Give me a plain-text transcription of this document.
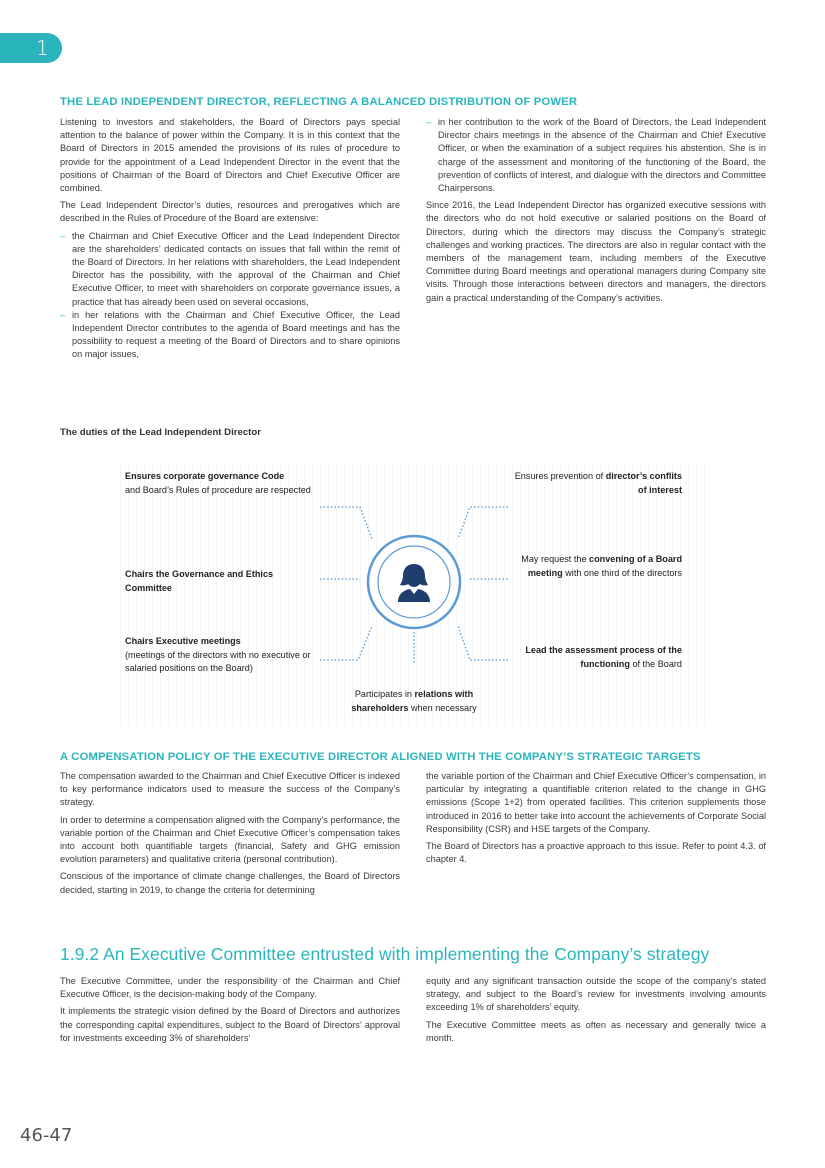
1
THE LEAD INDEPENDENT DIRECTOR, REFLECTING A BALANCED DISTRIBUTION OF POWER

Listening to investors and stakeholders, the Board of Directors pays special attention to the balance of power within the Company. It is in this context that the Board of Directors in 2015 amended the provisions of its rules of procedure to provide for the appointment of a Lead Independent Director in the event that the positions of Chairman of the Board of Directors and Chief Executive Officer are combined.

The Lead Independent Director’s duties, resources and prerogatives which are described in the Rules of Procedure of the Board are extensive:

– the Chairman and Chief Executive Officer and the Lead Independent Director are the shareholders’ dedicated contacts on issues that fall within the remit of the Board of Directors. In her relations with shareholders, the Lead Independent Director has the possibility, with the approval of the Chairman and Chief Executive Officer, to meet with shareholders on corporate governance issues, a practice that has already been used on several occasions,
– in her relations with the Chairman and Chief Executive Officer, the Lead Independent Director contributes to the agenda of Board meetings and has the possibility to request a meeting of the Board of Directors and to share opinions on major issues,
– in her contribution to the work of the Board of Directors, the Lead Independent Director chairs meetings in the absence of the Chairman and Chief Executive Officer, or when the examination of a subject requires his abstention. She is in charge of the assessment and monitoring of the functioning of the Board, the prevention of conflicts of interest, and dialogue with the directors and Committee Chairpersons.

Since 2016, the Lead Independent Director has organized executive sessions with the directors who do not hold executive or salaried positions on the Board of Directors, during which the directors may discuss the Company’s strategic challenges and working practices. The directors are also in regular contact with the members of the management team, including members of the Executive Committee during Board meetings and operational managers during Company site visits. Through those interactions between directors and managers, the directors gain a practical understanding of the Company’s activities.

The duties of the Lead Independent Director
Ensures corporate governance Code
and Board’s Rules of procedure are respected
Chairs the Governance and Ethics Committee
Chairs Executive meetings
(meetings of the directors with no executive or salaried positions on the Board)
Ensures prevention of director’s conflits of interest
May request the convening of a Board meeting with one third of the directors
Lead the assessment process of the functioning of the Board
Participates in relations with shareholders when necessary
A COMPENSATION POLICY OF THE EXECUTIVE DIRECTOR ALIGNED WITH THE COMPANY’S STRATEGIC TARGETS

The compensation awarded to the Chairman and Chief Executive Officer is indexed to key performance indicators used to measure the success of the Company’s strategy.

In order to determine a compensation aligned with the Company’s performance, the variable portion of the Chairman and Chief Executive Officer’s compensation takes into account both quantifiable targets (financial, Safety and GHG emission evolution parameters) and qualitative criteria (personal contribution).

Conscious of the importance of climate change challenges, the Board of Directors decided, starting in 2019, to change the criteria for determining

the variable portion of the Chairman and Chief Executive Officer’s compensation, in particular by integrating a quantifiable criterion related to the change in GHG emissions (Scope 1+2) from operated facilities. This criterion supplements those introduced in 2016 to better take into account the achievements of Corporate Social Responsibility (CSR) and HSE targets of the Company.

The Board of Directors has a proactive approach to this issue. Refer to point 4.3. of chapter 4.

1.9.2 An Executive Committee entrusted with implementing the Company’s strategy

The Executive Committee, under the responsibility of the Chairman and Chief Executive Officer, is the decision-making body of the Company.

It implements the strategic vision defined by the Board of Directors and authorizes the corresponding capital expenditures, subject to the Board of Directors’ approval for investments exceeding 3% of shareholders’

equity and any significant transaction outside the scope of the company’s stated strategy, and subject to the Board’s review for investments involving amounts exceeding 1% of shareholders’ equity.

The Executive Committee meets as often as necessary and generally twice a month.

46-47
